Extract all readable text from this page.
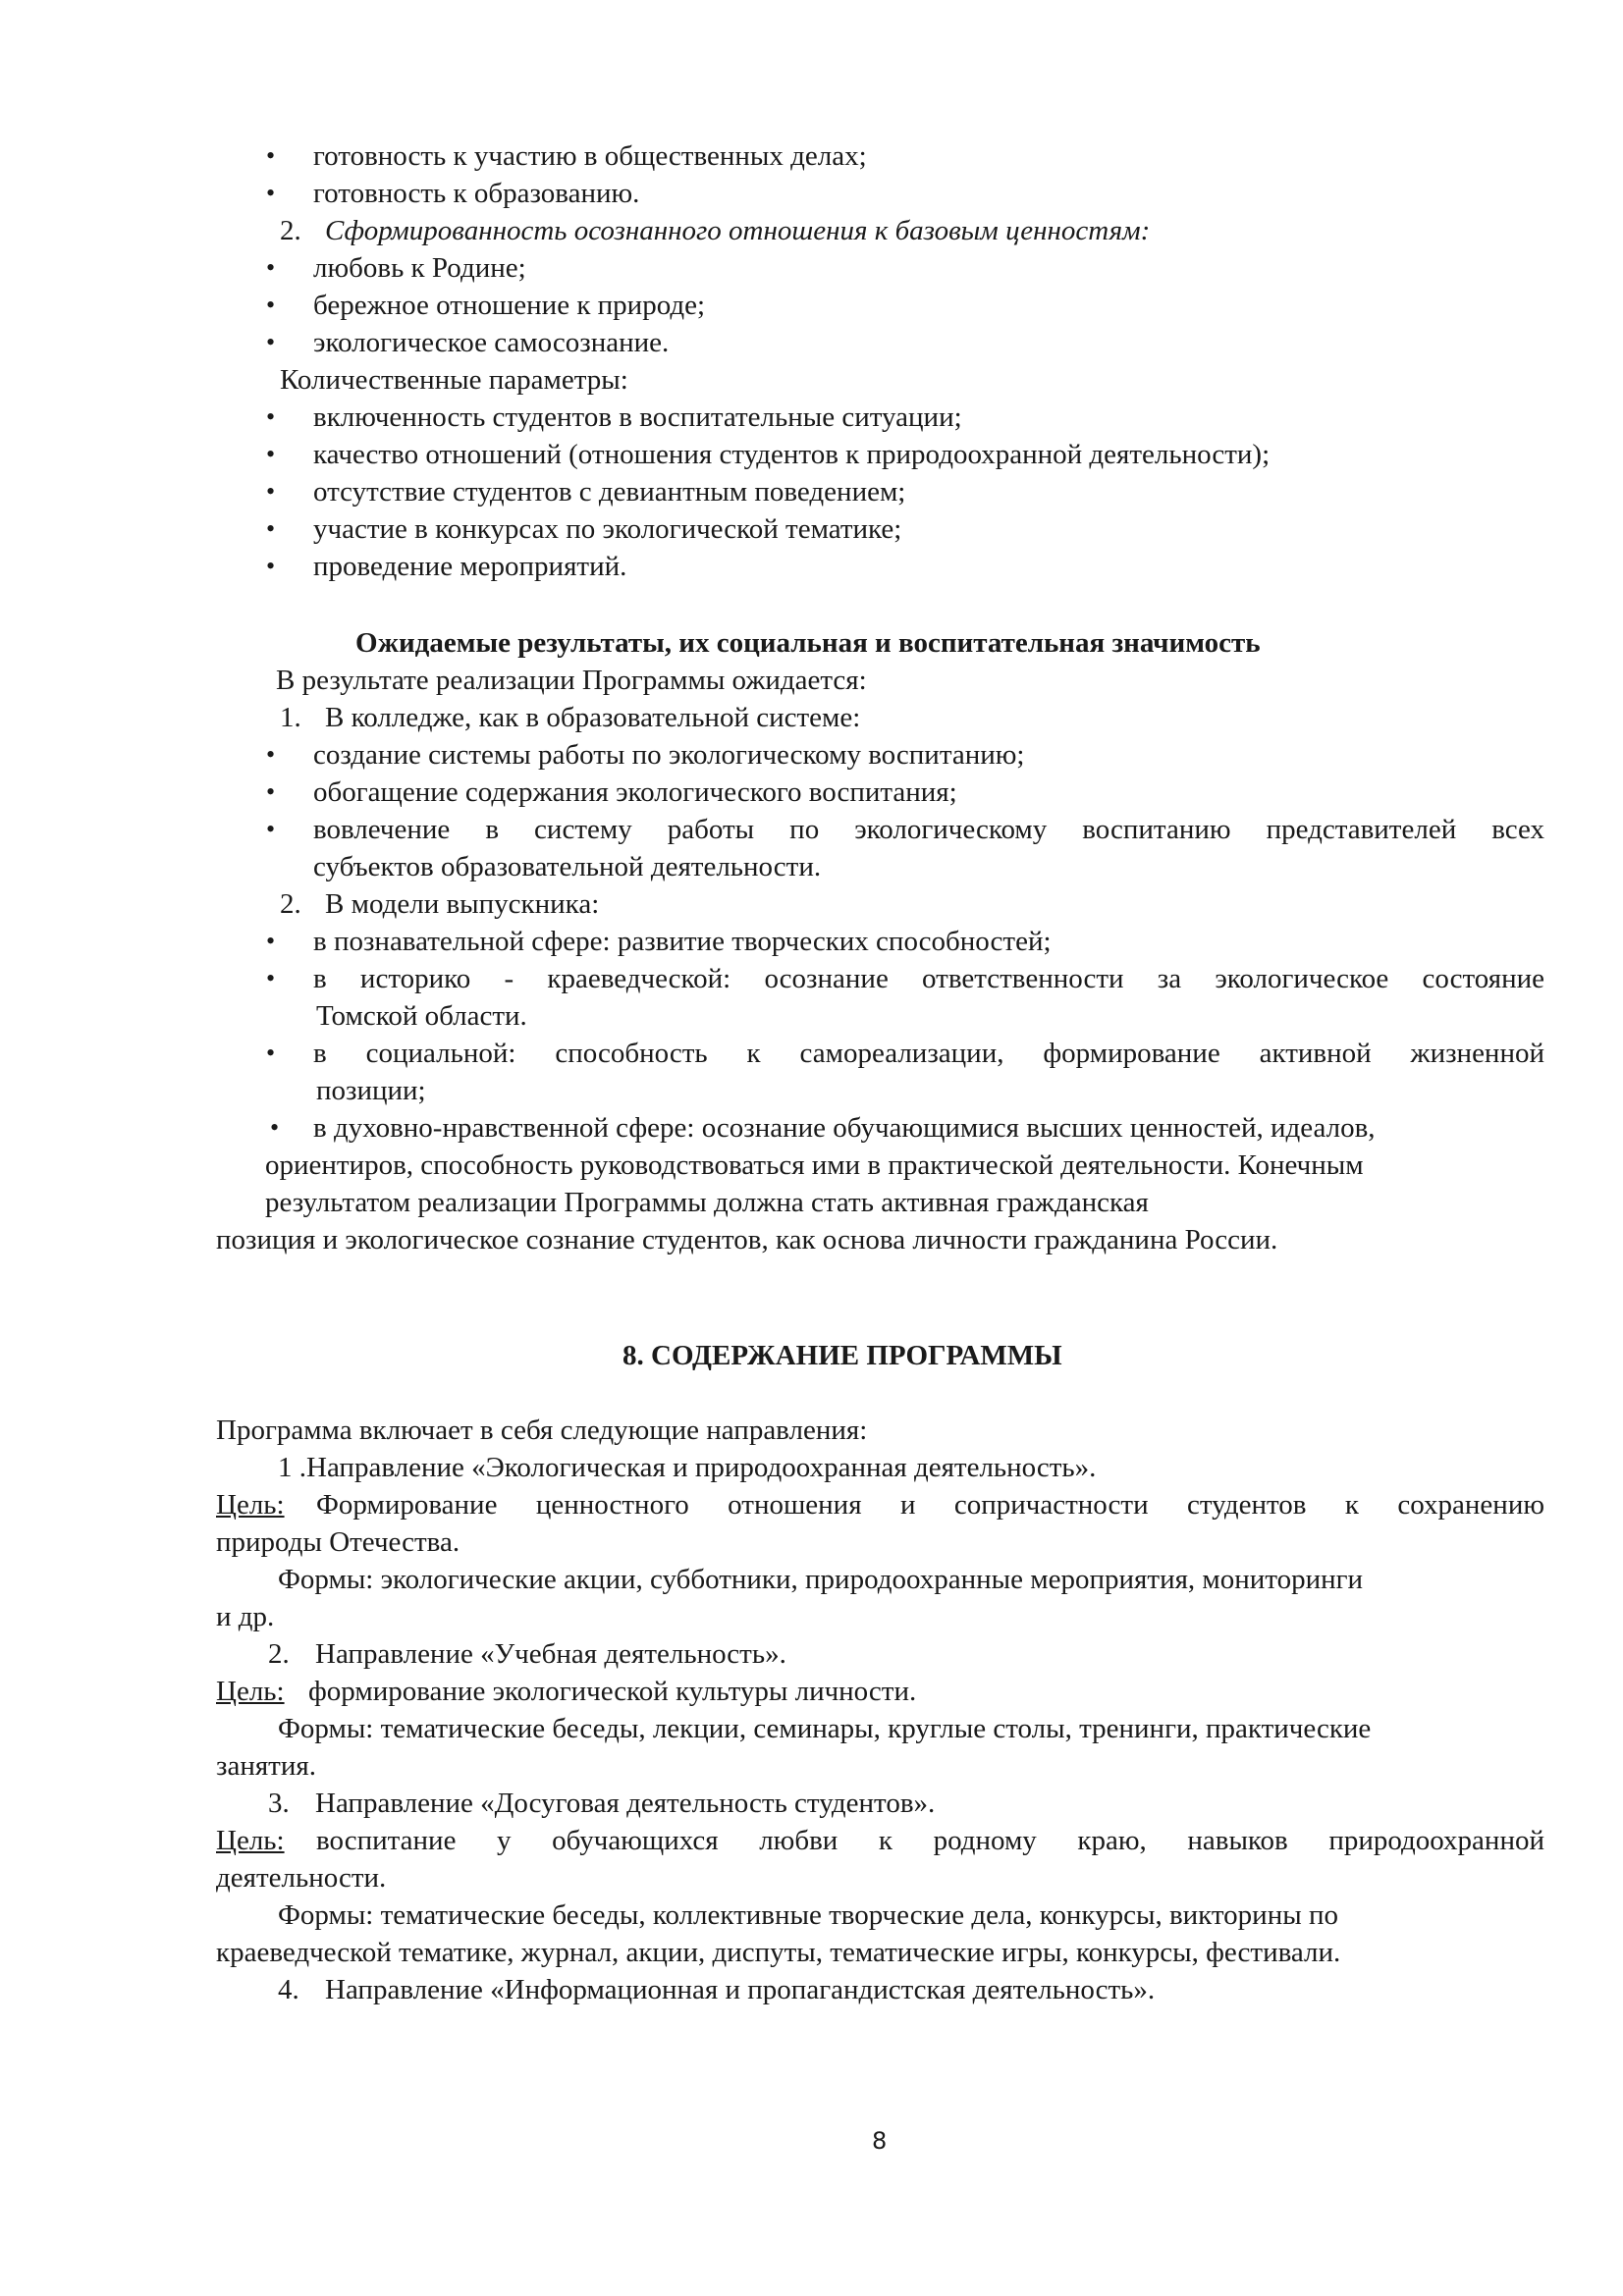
• готовность к участию в общественных делах;
• готовность к образованию.
2. Сформированность осознанного отношения к базовым ценностям:
• любовь к Родине;
• бережное отношение к природе;
• экологическое самосознание.
Количественные параметры:
• включенность студентов в воспитательные ситуации;
• качество отношений (отношения студентов к природоохранной деятельности);
• отсутствие студентов с девиантным поведением;
• участие в конкурсах по экологической тематике;
• проведение мероприятий.
Ожидаемые результаты, их социальная и воспитательная значимость
В результате реализации Программы ожидается:
1. В колледже, как в образовательной системе:
• создание системы работы по экологическому воспитанию;
• обогащение содержания экологического воспитания;
• вовлечение в систему работы по экологическому воспитанию представителей всех
субъектов образовательной деятельности.
2. В модели выпускника:
• в познавательной сфере: развитие творческих способностей;
• в историко - краеведческой: осознание ответственности за экологическое состояние
Томской области.
• в социальной: способность к самореализации, формирование активной жизненной
позиции;
• в духовно-нравственной сфере: осознание обучающимися высших ценностей, идеалов,
ориентиров, способность руководствоваться ими в практической деятельности. Конечным
результатом реализации Программы должна стать активная гражданская
позиция и экологическое сознание студентов, как основа личности гражданина России.
8. СОДЕРЖАНИЕ ПРОГРАММЫ
Программа включает в себя следующие направления:
1 .Направление «Экологическая и природоохранная деятельность».
Цель: Формирование ценностного отношения и сопричастности студентов к сохранению
природы Отечества.
Формы: экологические акции, субботники, природоохранные мероприятия, мониторинги
и др.
2. Направление «Учебная деятельность».
Цель: формирование экологической культуры личности.
Формы: тематические беседы, лекции, семинары, круглые столы, тренинги, практические
занятия.
3. Направление «Досуговая деятельность студентов».
Цель: воспитание у обучающихся любви к родному краю, навыков природоохранной
деятельности.
Формы: тематические беседы, коллективные творческие дела, конкурсы, викторины по
краеведческой тематике, журнал, акции, диспуты, тематические игры, конкурсы, фестивали.
4. Направление «Информационная и пропагандистская деятельность».
8
